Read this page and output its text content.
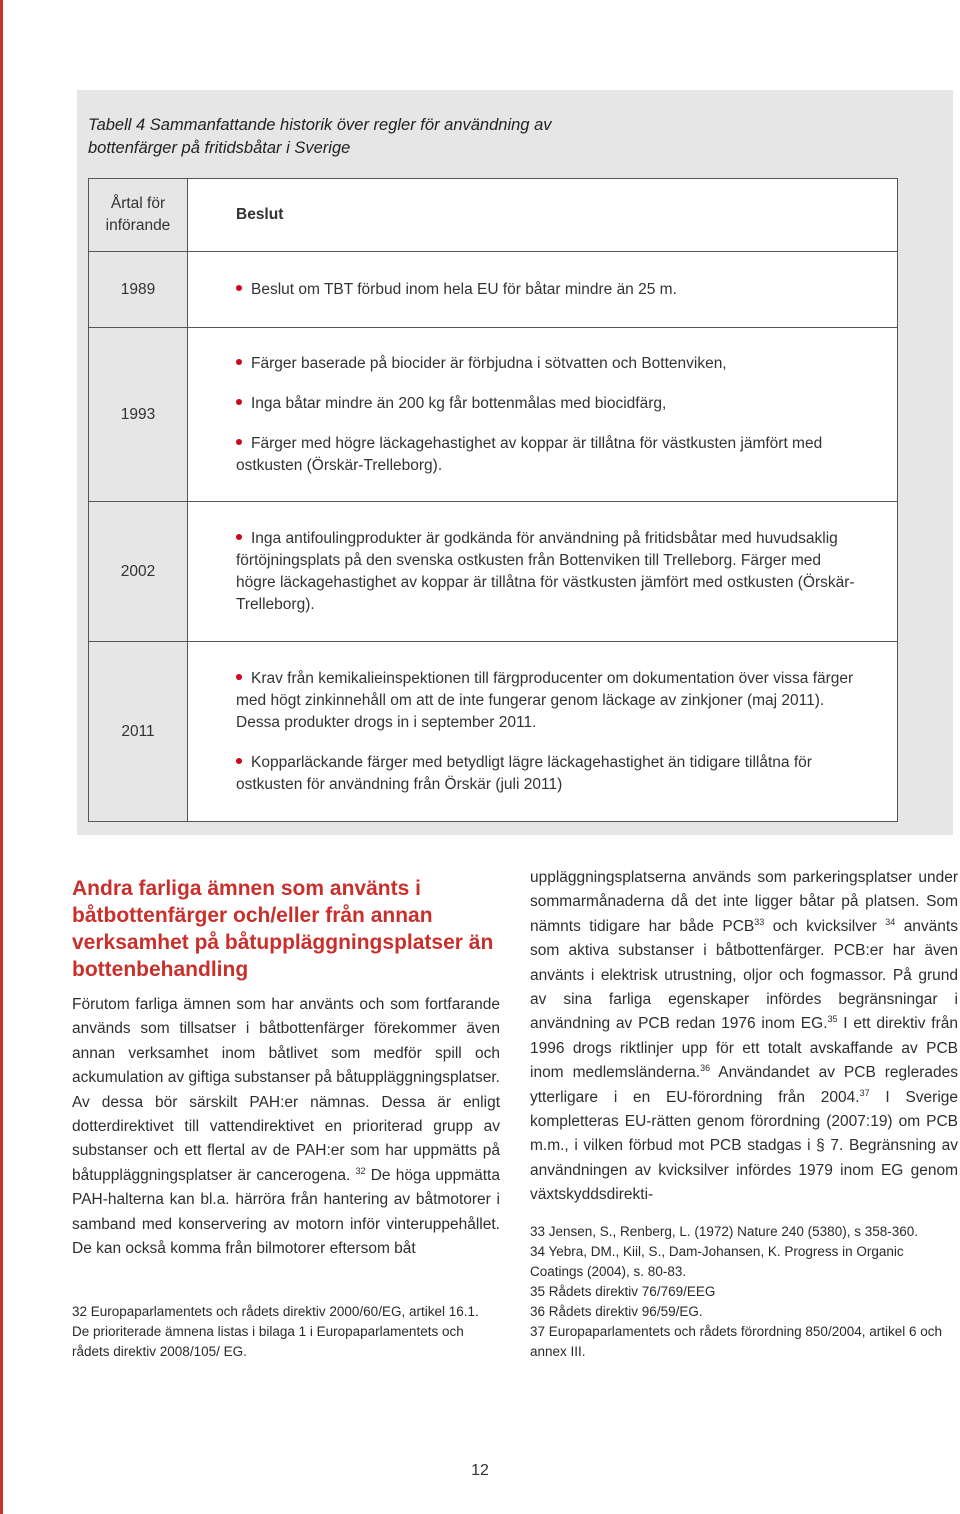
Tabell 4 Sammanfattande historik över regler för användning av bottenfärger på fritidsbåtar i Sverige
Årtal för införande	Beslut
1989	Beslut om TBT förbud inom hela EU för båtar mindre än 25 m.

1993	Färger baserade på biocider är förbjudna i sötvatten och Bottenviken,
Inga båtar mindre än 200 kg får bottenmålas med biocidfärg,
Färger med högre läckagehastighet av koppar är tillåtna för västkusten jämfört med ostkusten (Örskär-Trelleborg).

2002	Inga antifoulingprodukter är godkända för användning på fritidsbåtar med huvudsaklig förtöjningsplats på den svenska ostkusten från Bottenviken till Trelleborg. Färger med högre läckagehastighet av koppar är tillåtna för västkusten jämfört med ostkusten (Örskär-Trelleborg).

2011	Krav från kemikalieinspektionen till färgproducenter om dokumentation över vissa färger med högt zinkinnehåll om att de inte fungerar genom läckage av zinkjoner (maj 2011). Dessa produkter drogs in i september 2011.
Kopparläckande färger med betydligt lägre läckagehastighet än tidigare tillåtna för ostkusten för användning från Örskär (juli 2011)
Andra farliga ämnen som använts i båtbottenfärger och/eller från annan verksamhet på båtuppläggningsplatser än bottenbehandling
Förutom farliga ämnen som har använts och som fortfarande används som tillsatser i båtbottenfärger förekommer även annan verksamhet inom båtlivet som medför spill och ackumulation av giftiga substanser på båtuppläggningsplatser. Av dessa bör särskilt PAH:er nämnas. Dessa är enligt dotterdirektivet till vattendirektivet en prioriterad grupp av substanser och ett flertal av de PAH:er som har uppmätts på båtuppläggningsplatser är cancerogena. $^{32}$ De höga uppmätta PAH-halterna kan bl.a. härröra från hantering av båtmotorer i samband med konservering av motorn inför vinteruppehållet. De kan också komma från bilmotorer eftersom båt
uppläggningsplatserna används som parkeringsplatser under sommarmånaderna då det inte ligger båtar på platsen. Som nämnts tidigare har både PCB$^{33}$ och kvicksilver $^{34}$ använts som aktiva substanser i båtbottenfärger. PCB:er har även använts i elektrisk utrustning, oljor och fogmassor. På grund av sina farliga egenskaper infördes begränsningar i användning av PCB redan 1976 inom EG.$^{35}$ I ett direktiv från 1996 drogs riktlinjer upp för ett totalt avskaffande av PCB inom medlemsländerna.$^{36}$ Användandet av PCB reglerades ytterligare i en EU-förordning från 2004.37 I Sverige kompletteras EU-rätten genom förordning (2007:19) om PCB m.m., i vilken förbud mot PCB stadgas i § 7. Begränsning av användningen av kvicksilver infördes 1979 inom EG genom växtskyddsdirekti-
32 Europaparlamentets och rådets direktiv 2000/60/EG, artikel 16.1. De prioriterade ämnena listas i bilaga 1 i Europaparlamentets och rådets direktiv 2008/105/ EG.
33 Jensen, S., Renberg, L. (1972) Nature 240 (5380), s 358-360.
34 Yebra, DM., Kiil, S., Dam-Johansen, K. Progress in Organic Coatings (2004), s. 80-83.
35 Rådets direktiv 76/769/EEG
36 Rådets direktiv 96/59/EG.
37 Europaparlamentets och rådets förordning 850/2004, artikel 6 och annex III.
12
